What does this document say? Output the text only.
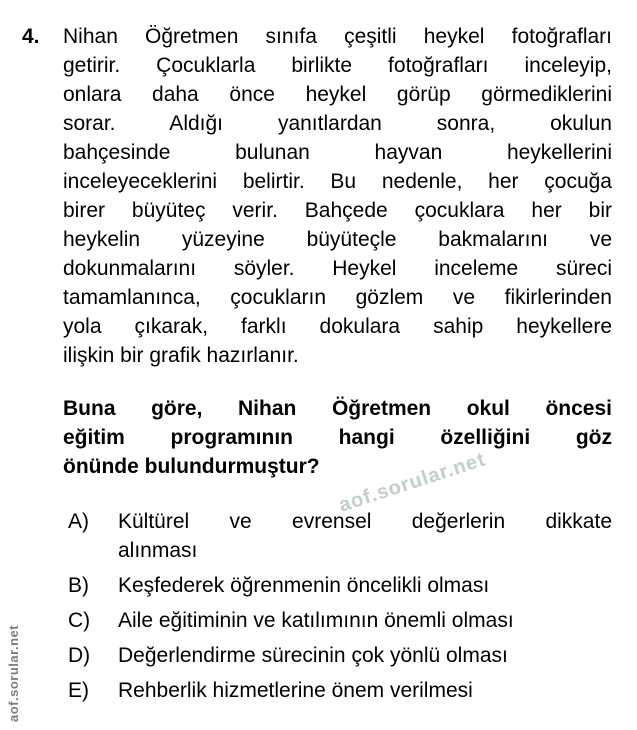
aof.sorular.net
aof.sorular.net
4. Nihan Öğretmen sınıfa çeşitli heykel fotoğrafları
getirir. Çocuklarla birlikte fotoğrafları inceleyip,
onlara daha önce heykel görüp görmediklerini
sorar. Aldığı yanıtlardan sonra, okulun
bahçesinde bulunan hayvan heykellerini
inceleyeceklerini belirtir. Bu nedenle, her çocuğa
birer büyüteç verir. Bahçede çocuklara her bir
heykelin yüzeyine büyüteçle bakmalarını ve
dokunmalarını söyler. Heykel inceleme süreci
tamamlanınca, çocukların gözlem ve fikirlerinden
yola çıkarak, farklı dokulara sahip heykellere
ilişkin bir grafik hazırlanır.
Buna göre, Nihan Öğretmen okul öncesi
eğitim programının hangi özelliğini göz
önünde bulundurmuştur?
A)	Kültürel ve evrensel değerlerin dikkate
alınması
B)	Keşfederek öğrenmenin öncelikli olması
C)	Aile eğitiminin ve katılımının önemli olması
D)	Değerlendirme sürecinin çok yönlü olması
E)	Rehberlik hizmetlerine önem verilmesi
